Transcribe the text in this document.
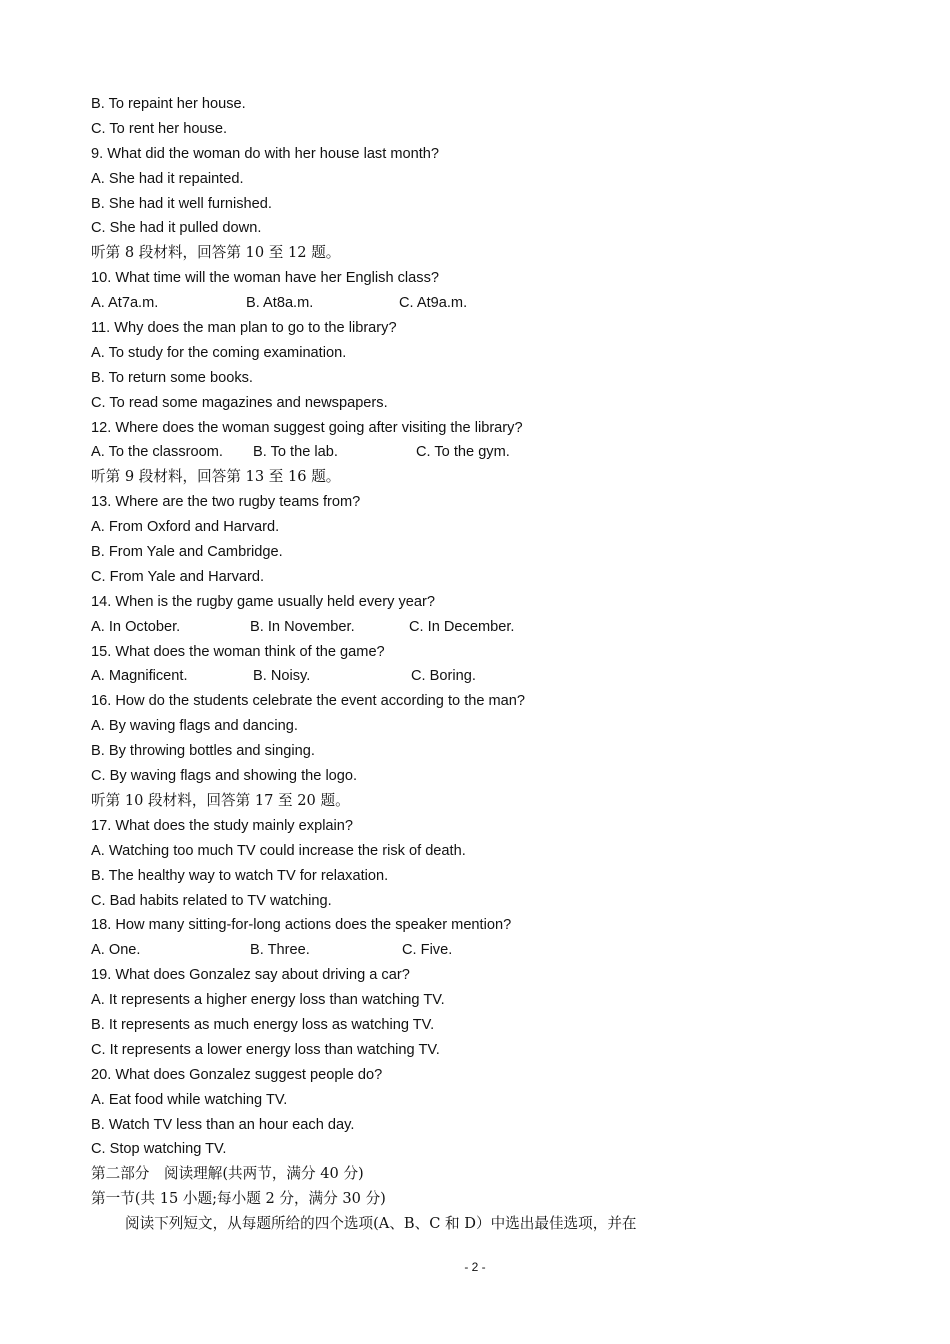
B. To repaint her house.
C. To rent her house.
9. What did the woman do with her house last month?
A. She had it repainted.
B. She had it well furnished.
C. She had it pulled down.
听第 8 段材料，回答第 10 至 12 题。
10. What time will the woman have her English class?
A. At7a.m.	B. At8a.m.	C. At9a.m.
11. Why does the man plan to go to the library?
A. To study for the coming examination.
B. To return some books.
C. To read some magazines and newspapers.
12. Where does the woman suggest going after visiting the library?
A. To the classroom. B. To the lab.	C. To the gym.
听第 9 段材料，回答第 13 至 16 题。
13. Where are the two rugby teams from?
A. From Oxford and Harvard.
B. From Yale and Cambridge.
C. From Yale and Harvard.
14. When is the rugby game usually held every year?
A. In October.	B. In November.	C. In December.
15. What does the woman think of the game?
A. Magnificent.	B. Noisy.	C. Boring.
16. How do the students celebrate the event according to the man?
A. By waving flags and dancing.
B. By throwing bottles and singing.
C. By waving flags and showing the logo.
听第 10 段材料，回答第 17 至 20 题。
17. What does the study mainly explain?
A. Watching too much TV could increase the risk of death.
B. The healthy way to watch TV for relaxation.
C. Bad habits related to TV watching.
18. How many sitting-for-long actions does the speaker mention?
A. One.	B. Three.	C. Five.
19. What does Gonzalez say about driving a car?
A. It represents a higher energy loss than watching TV.
B. It represents as much energy loss as watching TV.
C. It represents a lower energy loss than watching TV.
20. What does Gonzalez suggest people do?
A. Eat food while watching TV.
B. Watch TV less than an hour each day.
C. Stop watching TV.
第二部分　阅读理解(共两节，满分 40 分)
第一节(共 15 小题;每小题 2 分，满分 30 分)
阅读下列短文，从每题所给的四个选项(A、B、C 和 D）中选出最佳选项，并在
- 2 -
